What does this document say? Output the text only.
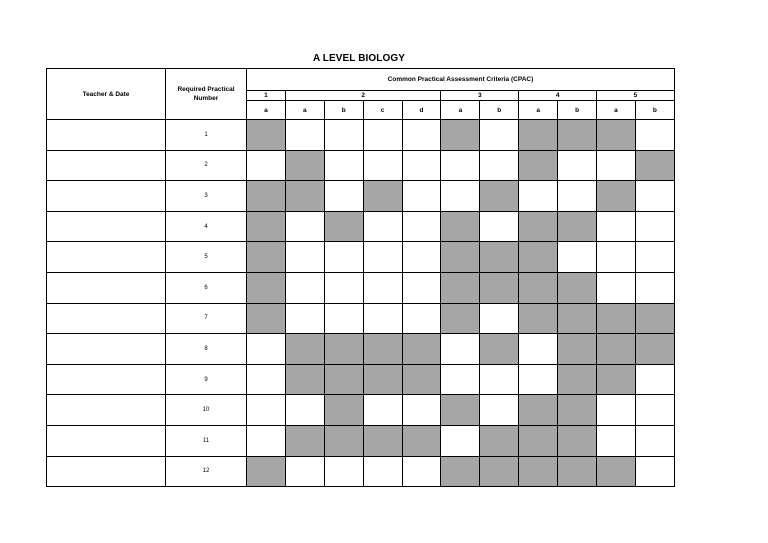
A LEVEL BIOLOGY
Teacher & Date	Required Practical Number	Common Practical Assessment Criteria (CPAC)										
		1	2				3		4		5	
		a	a	b	c	d	a	b	a	b	a	b
	1											
	2											
	3											
	4											
	5											
	6											
	7											
	8											
	9											
	10											
	11											
	12											
